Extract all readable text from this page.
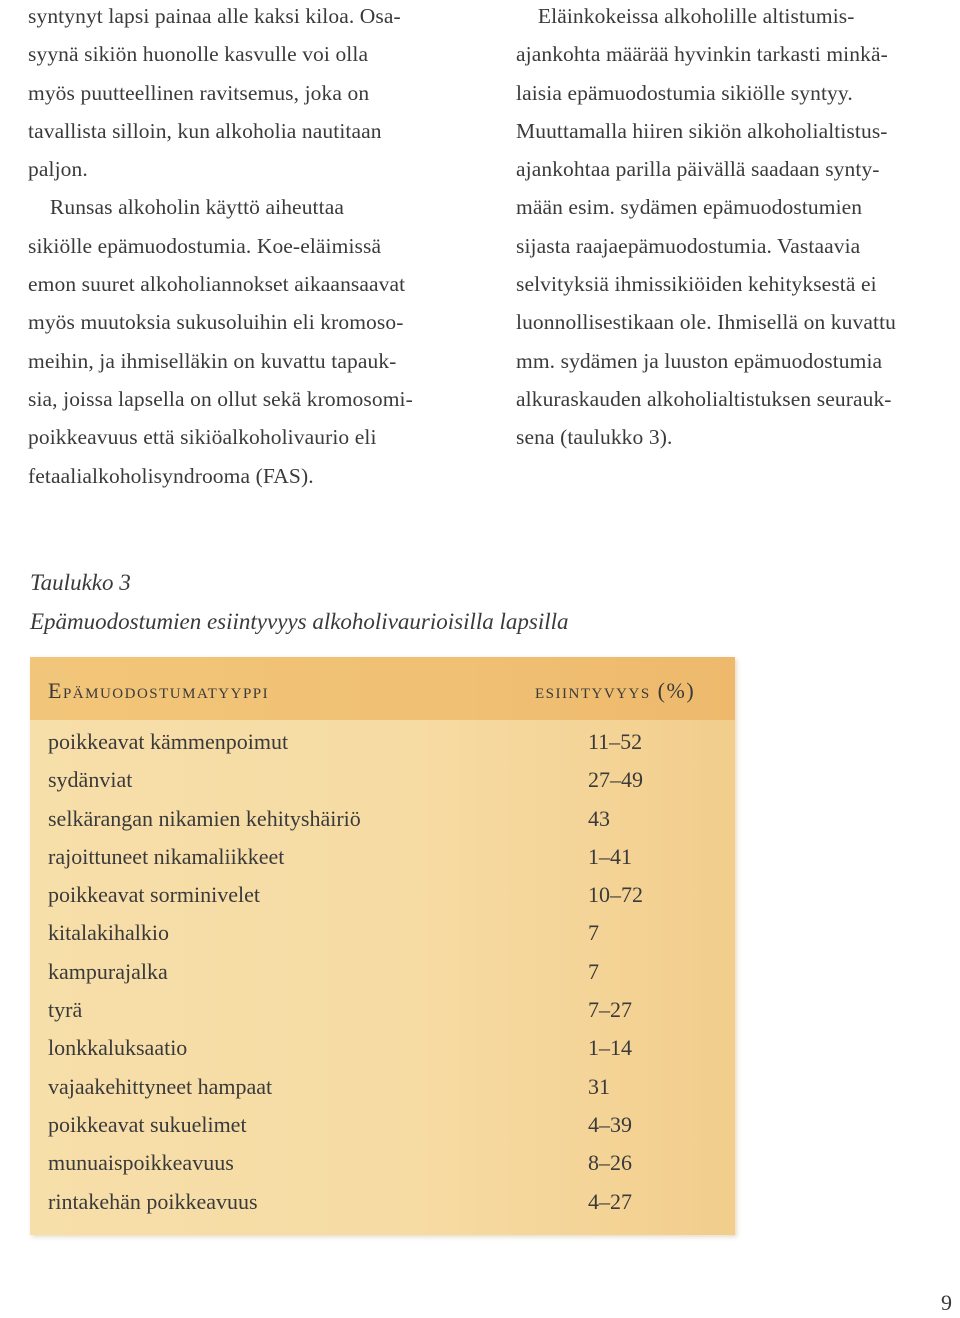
syntynyt lapsi painaa alle kaksi kiloa. Osa-
syynä sikiön huonolle kasvulle voi olla
myös puutteellinen ravitsemus, joka on
tavallista silloin, kun alkoholia nautitaan
paljon.
Runsas alkoholin käyttö aiheuttaa
sikiölle epämuodostumia. Koe-eläimissä
emon suuret alkoholiannokset aikaansaavat
myös muutoksia sukusoluihin eli kromoso-
meihin, ja ihmiselläkin on kuvattu tapauk-
sia, joissa lapsella on ollut sekä kromosomi-
poikkeavuus että sikiöalkoholivaurio eli
fetaalialkoholisyndrooma (FAS).
Eläinkokeissa alkoholille altistumis-
ajankohta määrää hyvinkin tarkasti minkä-
laisia epämuodostumia sikiölle syntyy.
Muuttamalla hiiren sikiön alkoholialtistus-
ajankohtaa parilla päivällä saadaan synty-
mään esim. sydämen epämuodostumien
sijasta raajaepämuodostumia. Vastaavia
selvityksiä ihmissikiöiden kehityksestä ei
luonnollisestikaan ole. Ihmisellä on kuvattu
mm. sydämen ja luuston epämuodostumia
alkuraskauden alkoholialtistuksen seurauk-
sena (taulukko 3).
Taulukko 3
Epämuodostumien esiintyvyys alkoholivaurioisilla lapsilla
Epämuodostumatyyppi	esiintyvyys (%)
poikkeavat kämmenpoimut	11–52
sydänviat	27–49
selkärangan nikamien kehityshäiriö	43
rajoittuneet nikamaliikkeet	1–41
poikkeavat sorminivelet	10–72
kitalakihalkio	7
kampurajalka	7
tyrä	7–27
lonkkaluksaatio	1–14
vajaakehittyneet hampaat	31
poikkeavat sukuelimet	4–39
munuaispoikkeavuus	8–26
rintakehän poikkeavuus	4–27
9
